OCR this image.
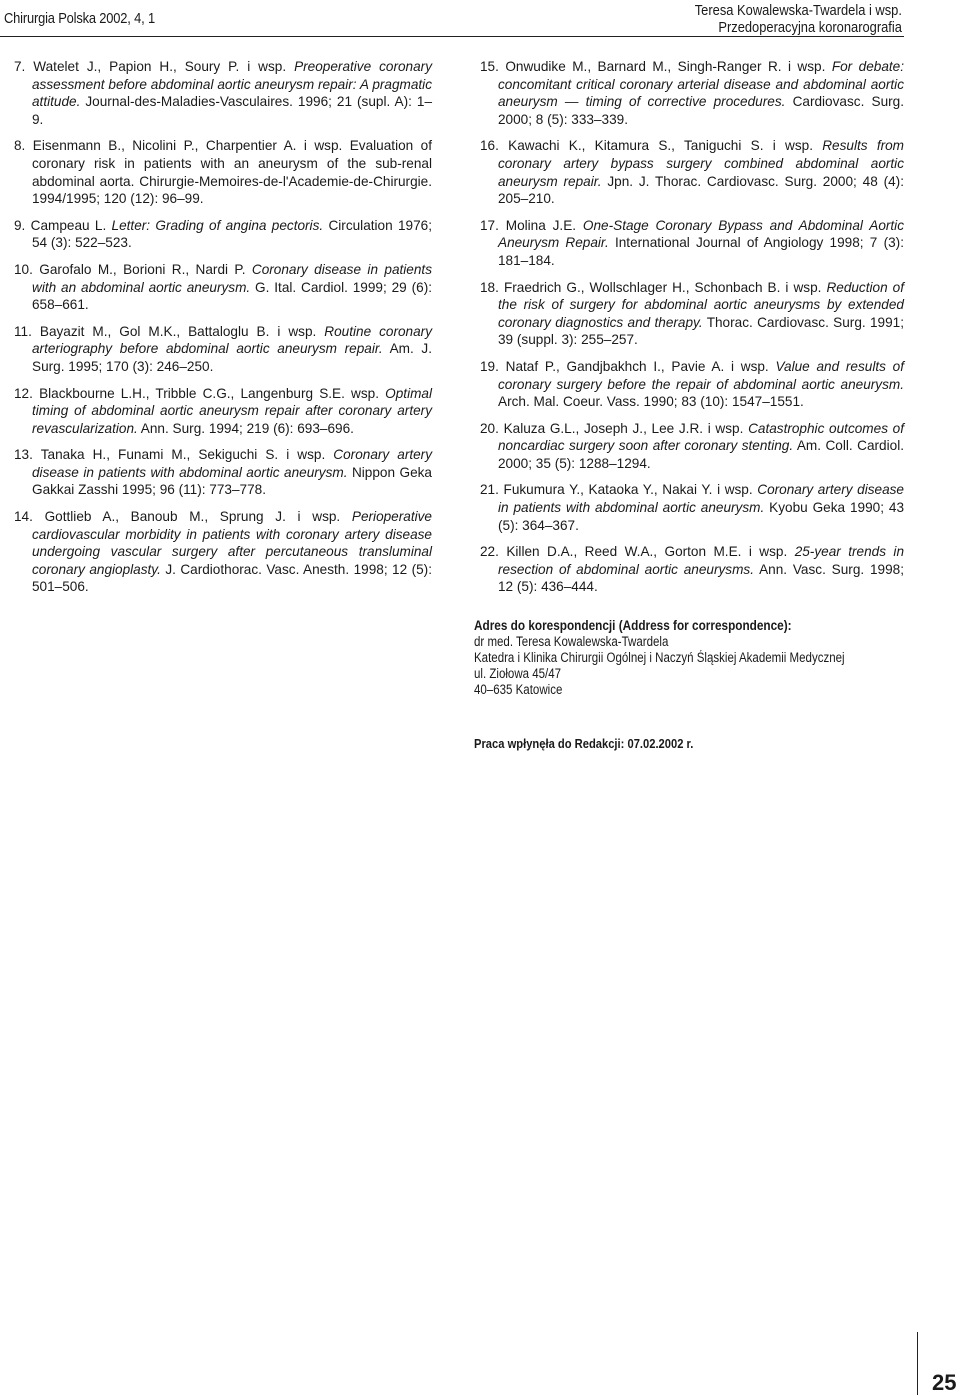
Chirurgia Polska 2002, 4, 1	Teresa Kowalewska-Twardela i wsp.
Przedoperacyjna koronarografia

7. Watelet J., Papion H., Soury P. i wsp. Preoperative coronary assessment before abdominal aortic aneurysm repair: A pragmatic attitude. Journal-des-Maladies-Vasculaires. 1996; 21 (supl. A): 1–9.

8. Eisenmann B., Nicolini P., Charpentier A. i wsp. Evaluation of coronary risk in patients with an aneurysm of the sub-renal abdominal aorta. Chirurgie-Memoires-de-l'Academie-de-Chirurgie. 1994/1995; 120 (12): 96–99.

9. Campeau L. Letter: Grading of angina pectoris. Circulation 1976; 54 (3): 522–523.

10. Garofalo M., Borioni R., Nardi P. Coronary disease in patients with an abdominal aortic aneurysm. G. Ital. Cardiol. 1999; 29 (6): 658–661.

11. Bayazit M., Gol M.K., Battaloglu B. i wsp. Routine coronary arteriography before abdominal aortic aneurysm repair. Am. J. Surg. 1995; 170 (3): 246–250.

12. Blackbourne L.H., Tribble C.G., Langenburg S.E. wsp. Optimal timing of abdominal aortic aneurysm repair after coronary artery revascularization. Ann. Surg. 1994; 219 (6): 693–696.

13. Tanaka H., Funami M., Sekiguchi S. i wsp. Coronary artery disease in patients with abdominal aortic aneurysm. Nippon Geka Gakkai Zasshi 1995; 96 (11): 773–778.

14. Gottlieb A., Banoub M., Sprung J. i wsp. Perioperative cardiovascular morbidity in patients with coronary artery disease undergoing vascular surgery after percutaneous transluminal coronary angioplasty. J. Cardiothorac. Vasc. Anesth. 1998; 12 (5): 501–506.

15. Onwudike M., Barnard M., Singh-Ranger R. i wsp. For debate: concomitant critical coronary arterial disease and abdominal aortic aneurysm — timing of corrective procedures. Cardiovasc. Surg. 2000; 8 (5): 333–339.

16. Kawachi K., Kitamura S., Taniguchi S. i wsp. Results from coronary artery bypass surgery combined abdominal aortic aneurysm repair. Jpn. J. Thorac. Cardiovasc. Surg. 2000; 48 (4): 205–210.

17. Molina J.E. One-Stage Coronary Bypass and Abdominal Aortic Aneurysm Repair. International Journal of Angiology 1998; 7 (3): 181–184.

18. Fraedrich G., Wollschlager H., Schonbach B. i wsp. Reduction of the risk of surgery for abdominal aortic aneurysms by extended coronary diagnostics and therapy. Thorac. Cardiovasc. Surg. 1991; 39 (suppl. 3): 255–257.

19. Nataf P., Gandjbakhch I., Pavie A. i wsp. Value and results of coronary surgery before the repair of abdominal aortic aneurysm. Arch. Mal. Coeur. Vass. 1990; 83 (10): 1547–1551.

20. Kaluza G.L., Joseph J., Lee J.R. i wsp. Catastrophic outcomes of noncardiac surgery soon after coronary stenting. Am. Coll. Cardiol. 2000; 35 (5): 1288–1294.

21. Fukumura Y., Kataoka Y., Nakai Y. i wsp. Coronary artery disease in patients with abdominal aortic aneurysm. Kyobu Geka 1990; 43 (5): 364–367.

22. Killen D.A., Reed W.A., Gorton M.E. i wsp. 25-year trends in resection of abdominal aortic aneurysms. Ann. Vasc. Surg. 1998; 12 (5): 436–444.

Adres do korespondencji (Address for correspondence):
dr med. Teresa Kowalewska-Twardela
Katedra i Klinika Chirurgii Ogólnej i Naczyń Śląskiej Akademii Medycznej
ul. Ziołowa 45/47
40–635 Katowice
Praca wpłynęła do Redakcji: 07.02.2002 r.
25
